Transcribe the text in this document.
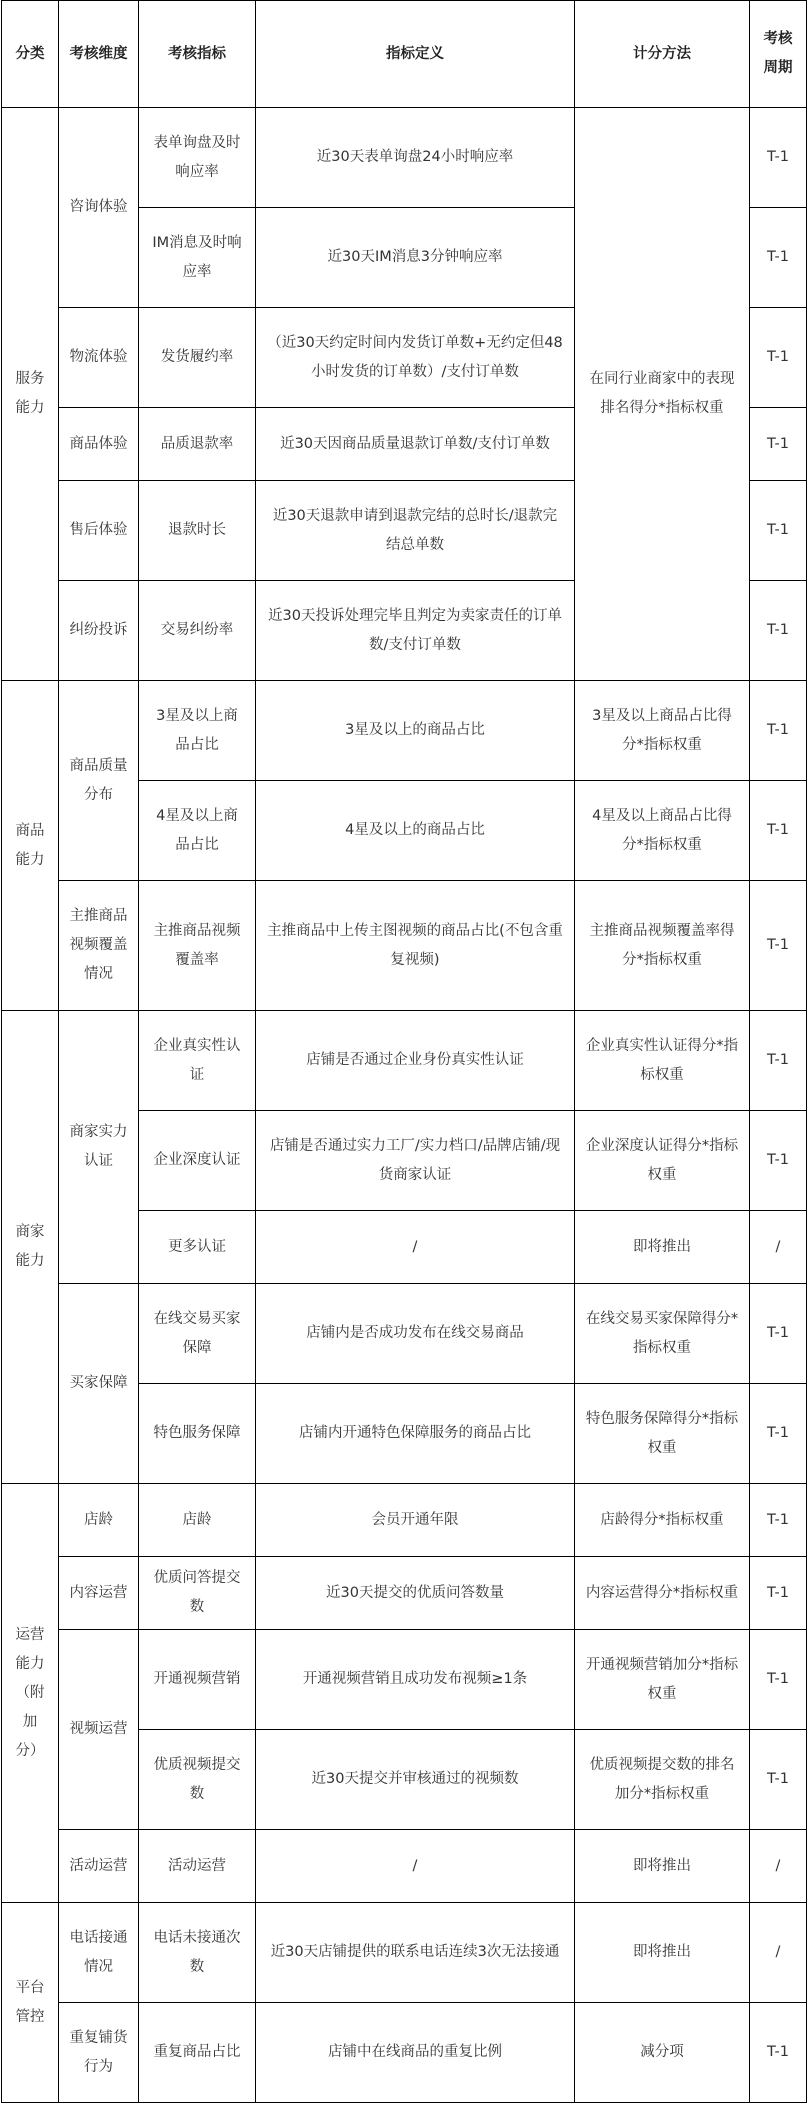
分类	考核维度	考核指标	指标定义	计分方法	考核周期
服务能力	咨询体验	表单询盘及时响应率	近30天表单询盘24小时响应率	在同行业商家中的表现排名得分*指标权重	T-1
		IM消息及时响应率	近30天IM消息3分钟响应率		T-1
	物流体验	发货履约率	（近30天约定时间内发货订单数+无约定但48小时发货的订单数）/支付订单数		T-1
	商品体验	品质退款率	近30天因商品质量退款订单数/支付订单数		T-1
	售后体验	退款时长	近30天退款申请到退款完结的总时长/退款完结总单数		T-1
	纠纷投诉	交易纠纷率	近30天投诉处理完毕且判定为卖家责任的订单数/支付订单数		T-1
商品能力	商品质量分布	3星及以上商品占比	3星及以上的商品占比	3星及以上商品占比得分*指标权重	T-1
		4星及以上商品占比	4星及以上的商品占比	4星及以上商品占比得分*指标权重	T-1
	主推商品视频覆盖情况	主推商品视频覆盖率	主推商品中上传主图视频的商品占比(不包含重复视频)	主推商品视频覆盖率得分*指标权重	T-1
商家能力	商家实力认证	企业真实性认证	店铺是否通过企业身份真实性认证	企业真实性认证得分*指标权重	T-1
		企业深度认证	店铺是否通过实力工厂/实力档口/品牌店铺/现货商家认证	企业深度认证得分*指标权重	T-1
		更多认证	/	即将推出	/
	买家保障	在线交易买家保障	店铺内是否成功发布在线交易商品	在线交易买家保障得分*指标权重	T-1
		特色服务保障	店铺内开通特色保障服务的商品占比	特色服务保障得分*指标权重	T-1
运营能力（附加分）	店龄	店龄	会员开通年限	店龄得分*指标权重	T-1
	内容运营	优质问答提交数	近30天提交的优质问答数量	内容运营得分*指标权重	T-1
	视频运营	开通视频营销	开通视频营销且成功发布视频≥1条	开通视频营销加分*指标权重	T-1
		优质视频提交数	近30天提交并审核通过的视频数	优质视频提交数的排名加分*指标权重	T-1
	活动运营	活动运营	/	即将推出	/
平台管控	电话接通情况	电话未接通次数	近30天店铺提供的联系电话连续3次无法接通	即将推出	/
	重复铺货行为	重复商品占比	店铺中在线商品的重复比例	减分项	T-1
